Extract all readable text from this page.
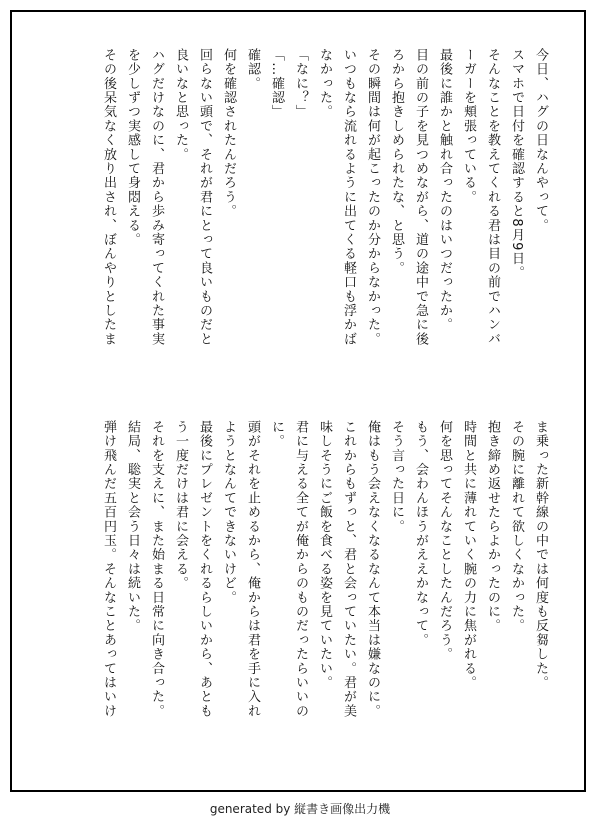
今日、ハグの日なんやって。

スマホで日付を確認すると8月9日。

そんなことを教えてくれる君は目の前でハンバ

ーガーを頬張っている。

最後に誰かと触れ合ったのはいつだったか。

目の前の子を見つめながら、道の途中で急に後

ろから抱きしめられたな、と思う。

その瞬間は何が起こったのか分からなかった。

いつもなら流れるように出てくる軽口も浮かば

なかった。

「なに？」

「…確認」

確認。

何を確認されたんだろう。

回らない頭で、それが君にとって良いものだと

良いなと思った。

ハグだけなのに、君から歩み寄ってくれた事実

を少しずつ実感して身悶える。

その後呆気なく放り出され、ぼんやりとしたま

ま乗った新幹線の中では何度も反芻した。

その腕に離れて欲しくなかった。

抱き締め返せたらよかったのに。

時間と共に薄れていく腕の力に焦がれる。

何を思ってそんなことしたんだろう。

もう、会わんほうがええかなって。

そう言った日に。

俺はもう会えなくなるなんて本当は嫌なのに。

これからもずっと、君と会っていたい。君が美

味しそうにご飯を食べる姿を見ていたい。

君に与える全てが俺からのものだったらいいの

に。

頭がそれを止めるから、俺からは君を手に入れ

ようとなんてできないけど。

最後にプレゼントをくれるらしいから、あとも

う一度だけは君に会える。

それを支えに、また始まる日常に向き合った。

結局、聡実と会う日々は続いた。

弾け飛んだ五百円玉。そんなことあってはいけ

generated by 縦書き画像出力機
